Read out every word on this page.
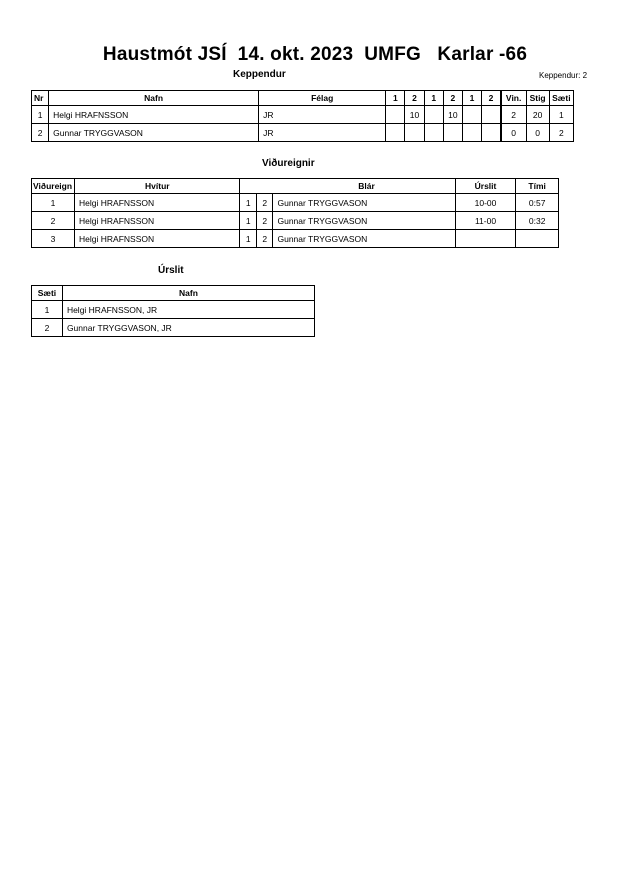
Haustmót JSÍ  14. okt. 2023  UMFG   Karlar -66
Keppendur	Keppendur: 2
Nr	Nafn	Félag	1	2	1	2	1	2	Vin.	Stig	Sæti
1	Helgi HRAFNSSON	JR		10		10			2	20	1
2	Gunnar TRYGGVASON	JR							0	0	2
Viðureignir
Viðureign	Hvítur	Blár			Úrslit	Tími
1	Helgi HRAFNSSON	1	2	Gunnar TRYGGVASON	10-00	0:57
2	Helgi HRAFNSSON	1	2	Gunnar TRYGGVASON	11-00	0:32
3	Helgi HRAFNSSON	1	2	Gunnar TRYGGVASON		
Úrslit
Sæti	Nafn
1	Helgi HRAFNSSON, JR
2	Gunnar TRYGGVASON, JR
